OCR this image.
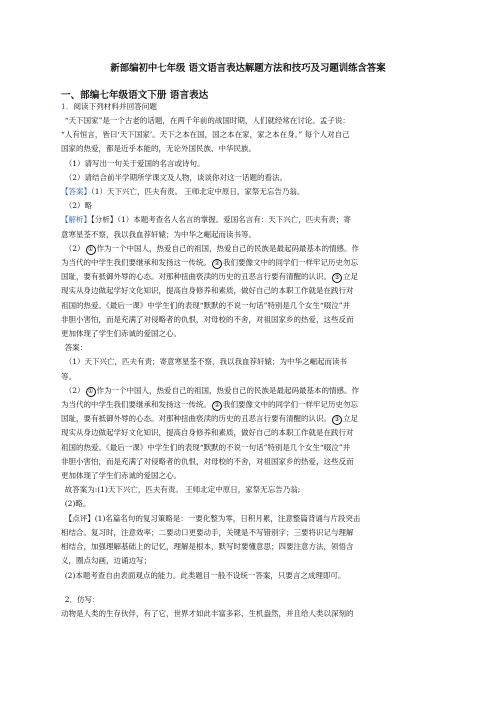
新部编初中七年级 语文语言表达解题方法和技巧及习题训练含答案
一、部编七年级语文下册 语言表达
1．阅读下列材料并回答问题

“天下国家”是一个古老的话题，在两千年前的战国时期，人们就经常在讨论。孟子说：

“人有恒言，皆曰‘天下国家’。天下之本在国，国之本在家，家之本在身。” 每个人对自己

国家的热爱，都是近乎本能的，无论外国民族、中华民族。

（1）请写出一句关于爱国的名言或诗句。

（2）请结合前半学期所学课文及人物，谈谈你对这一话题的看法。

【答案】（1）天下兴亡，匹夫有责。 王师北定中原日，家祭无忘告乃翁。

（2）略

【解析】【分析】（1）本题考查名人名言的掌握。爱国名言有：天下兴亡，匹夫有责；寄

意寒星荃不察，我以我血荐轩辕；为中华之崛起而读书等。

（2） ① 作为一个中国人，热爱自己的祖国，热爱自己的民族是最起码最基本的情感。作

为当代的中学生我们要继承和发扬这一传统。 ② 我们要像文中的同学们一样牢记历史勿忘

国耻，要有抵御外辱的心态。对那种扭曲亵渎的历史的丑恶言行要有清醒的认识。 ③ 立足

现实从身边做起学好文化知识，提高自身修养和素质，做好自己的本职工作就是在践行对

祖国的热爱。《最后一课》中学生们的表现“默默的不说一句话”特别是几个女生“啜泣”并

非胆小害怕，而是充满了对侵略者的仇恨，对母校的不舍，对祖国家乡的热爱，这些反而

更加体现了学生们赤诚的爱国之心。

答案：

（1）天下兴亡，匹夫有责；寄意寒星荃不察，我以我血荐轩辕；为中华之崛起而读书

等。

（2） ① 作为一个中国人，热爱自己的祖国，热爱自己的民族是最起码最基本的情感。作

为当代的中学生我们要继承和发扬这一传统。 ② 我们要像文中的同学们一样牢记历史勿忘

国耻，要有抵御外辱的心态。对那种扭曲亵渎的历史的丑恶言行要有清醒的认识。 ③ 立足

现实从身边做起学好文化知识，提高自身修养和素质，做好自己的本职工作就是在践行对

祖国的热爱。《最后一课》中学生们的表现“默默的不说一句话”特别是几个女生“啜泣”并

非胆小害怕，而是充满了对侵略者的仇恨，对母校的不舍，对祖国家乡的热爱，这些反而

更加体现了学生们赤诚的爱国之心。

故答案为:(1)天下兴亡，匹夫有责。 王师北定中原日，家祭无忘告乃翁;

(2)略。

【点评】(1)名篇名句的复习策略是：一要化整为零，日积月累，注意整篇背诵与片段突击

相结合。复习时，注意效率；二要动口更要动手，关键是不写错别字；三要将识记与理解

相结合，加强理解基础上的记忆，理解是根本，默写时要懂意思；四要注意方法，领悟含

义，圈点勾画，边诵边写；

(2)本题考查自由表面观点的能力。此类题目一般不设统一答案，只要言之成理即可。

2．仿写：

动物是人类的生存伙伴，有了它，世界才如此丰富多彩、生机盎然，并且给人类以深刻的
